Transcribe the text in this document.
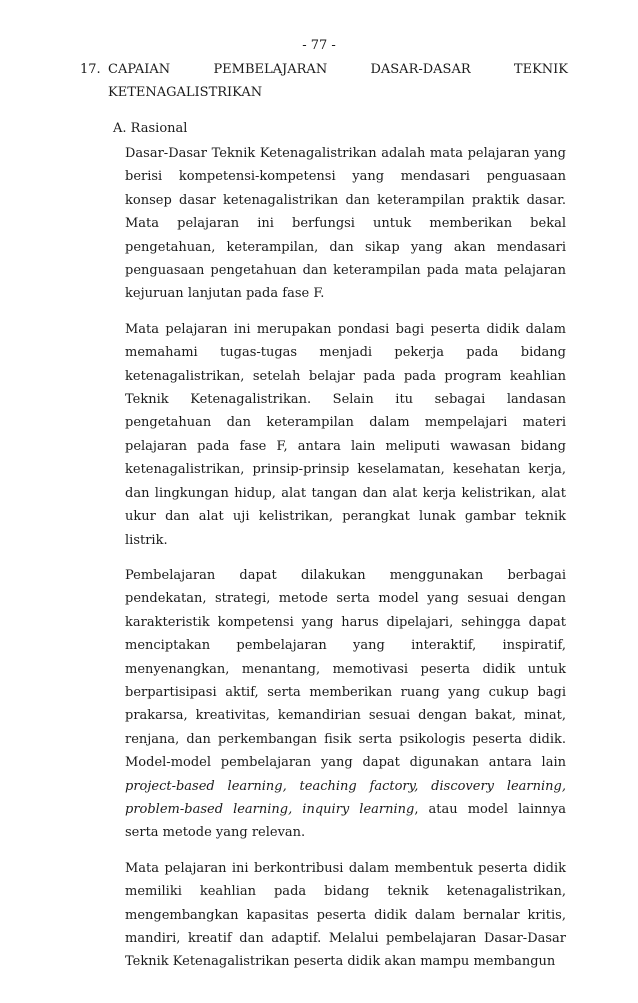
- 77 -
17. CAPAIAN PEMBELAJARAN DASAR-DASAR TEKNIK
KETENAGALISTRIKAN
A. Rasional

Dasar-Dasar Teknik Ketenagalistrikan adalah mata pelajaran yang berisi kompetensi-kompetensi yang mendasari penguasaan konsep dasar ketenagalistrikan dan keterampilan praktik dasar. Mata pelajaran ini berfungsi untuk memberikan bekal pengetahuan, keterampilan, dan sikap yang akan mendasari penguasaan pengetahuan dan keterampilan pada mata pelajaran kejuruan lanjutan pada fase F.

Mata pelajaran ini merupakan pondasi bagi peserta didik dalam memahami tugas-tugas menjadi pekerja pada bidang ketenagalistrikan, setelah belajar pada pada program keahlian Teknik Ketenagalistrikan. Selain itu sebagai landasan pengetahuan dan keterampilan dalam mempelajari materi pelajaran pada fase F, antara lain meliputi wawasan bidang ketenagalistrikan, prinsip-prinsip keselamatan, kesehatan kerja, dan lingkungan hidup, alat tangan dan alat kerja kelistrikan, alat ukur dan alat uji kelistrikan, perangkat lunak gambar teknik listrik.

Pembelajaran dapat dilakukan menggunakan berbagai pendekatan, strategi, metode serta model yang sesuai dengan karakteristik kompetensi yang harus dipelajari, sehingga dapat menciptakan pembelajaran yang interaktif, inspiratif, menyenangkan, menantang, memotivasi peserta didik untuk berpartisipasi aktif, serta memberikan ruang yang cukup bagi prakarsa, kreativitas, kemandirian sesuai dengan bakat, minat, renjana, dan perkembangan fisik serta psikologis peserta didik. Model-model pembelajaran yang dapat digunakan antara lain project-based learning, teaching factory, discovery learning, problem-based learning, inquiry learning, atau model lainnya serta metode yang relevan.

Mata pelajaran ini berkontribusi dalam membentuk peserta didik memiliki keahlian pada bidang teknik ketenagalistrikan, mengembangkan kapasitas peserta didik dalam bernalar kritis, mandiri, kreatif dan adaptif. Melalui pembelajaran Dasar-Dasar Teknik Ketenagalistrikan peserta didik akan mampu membangun
